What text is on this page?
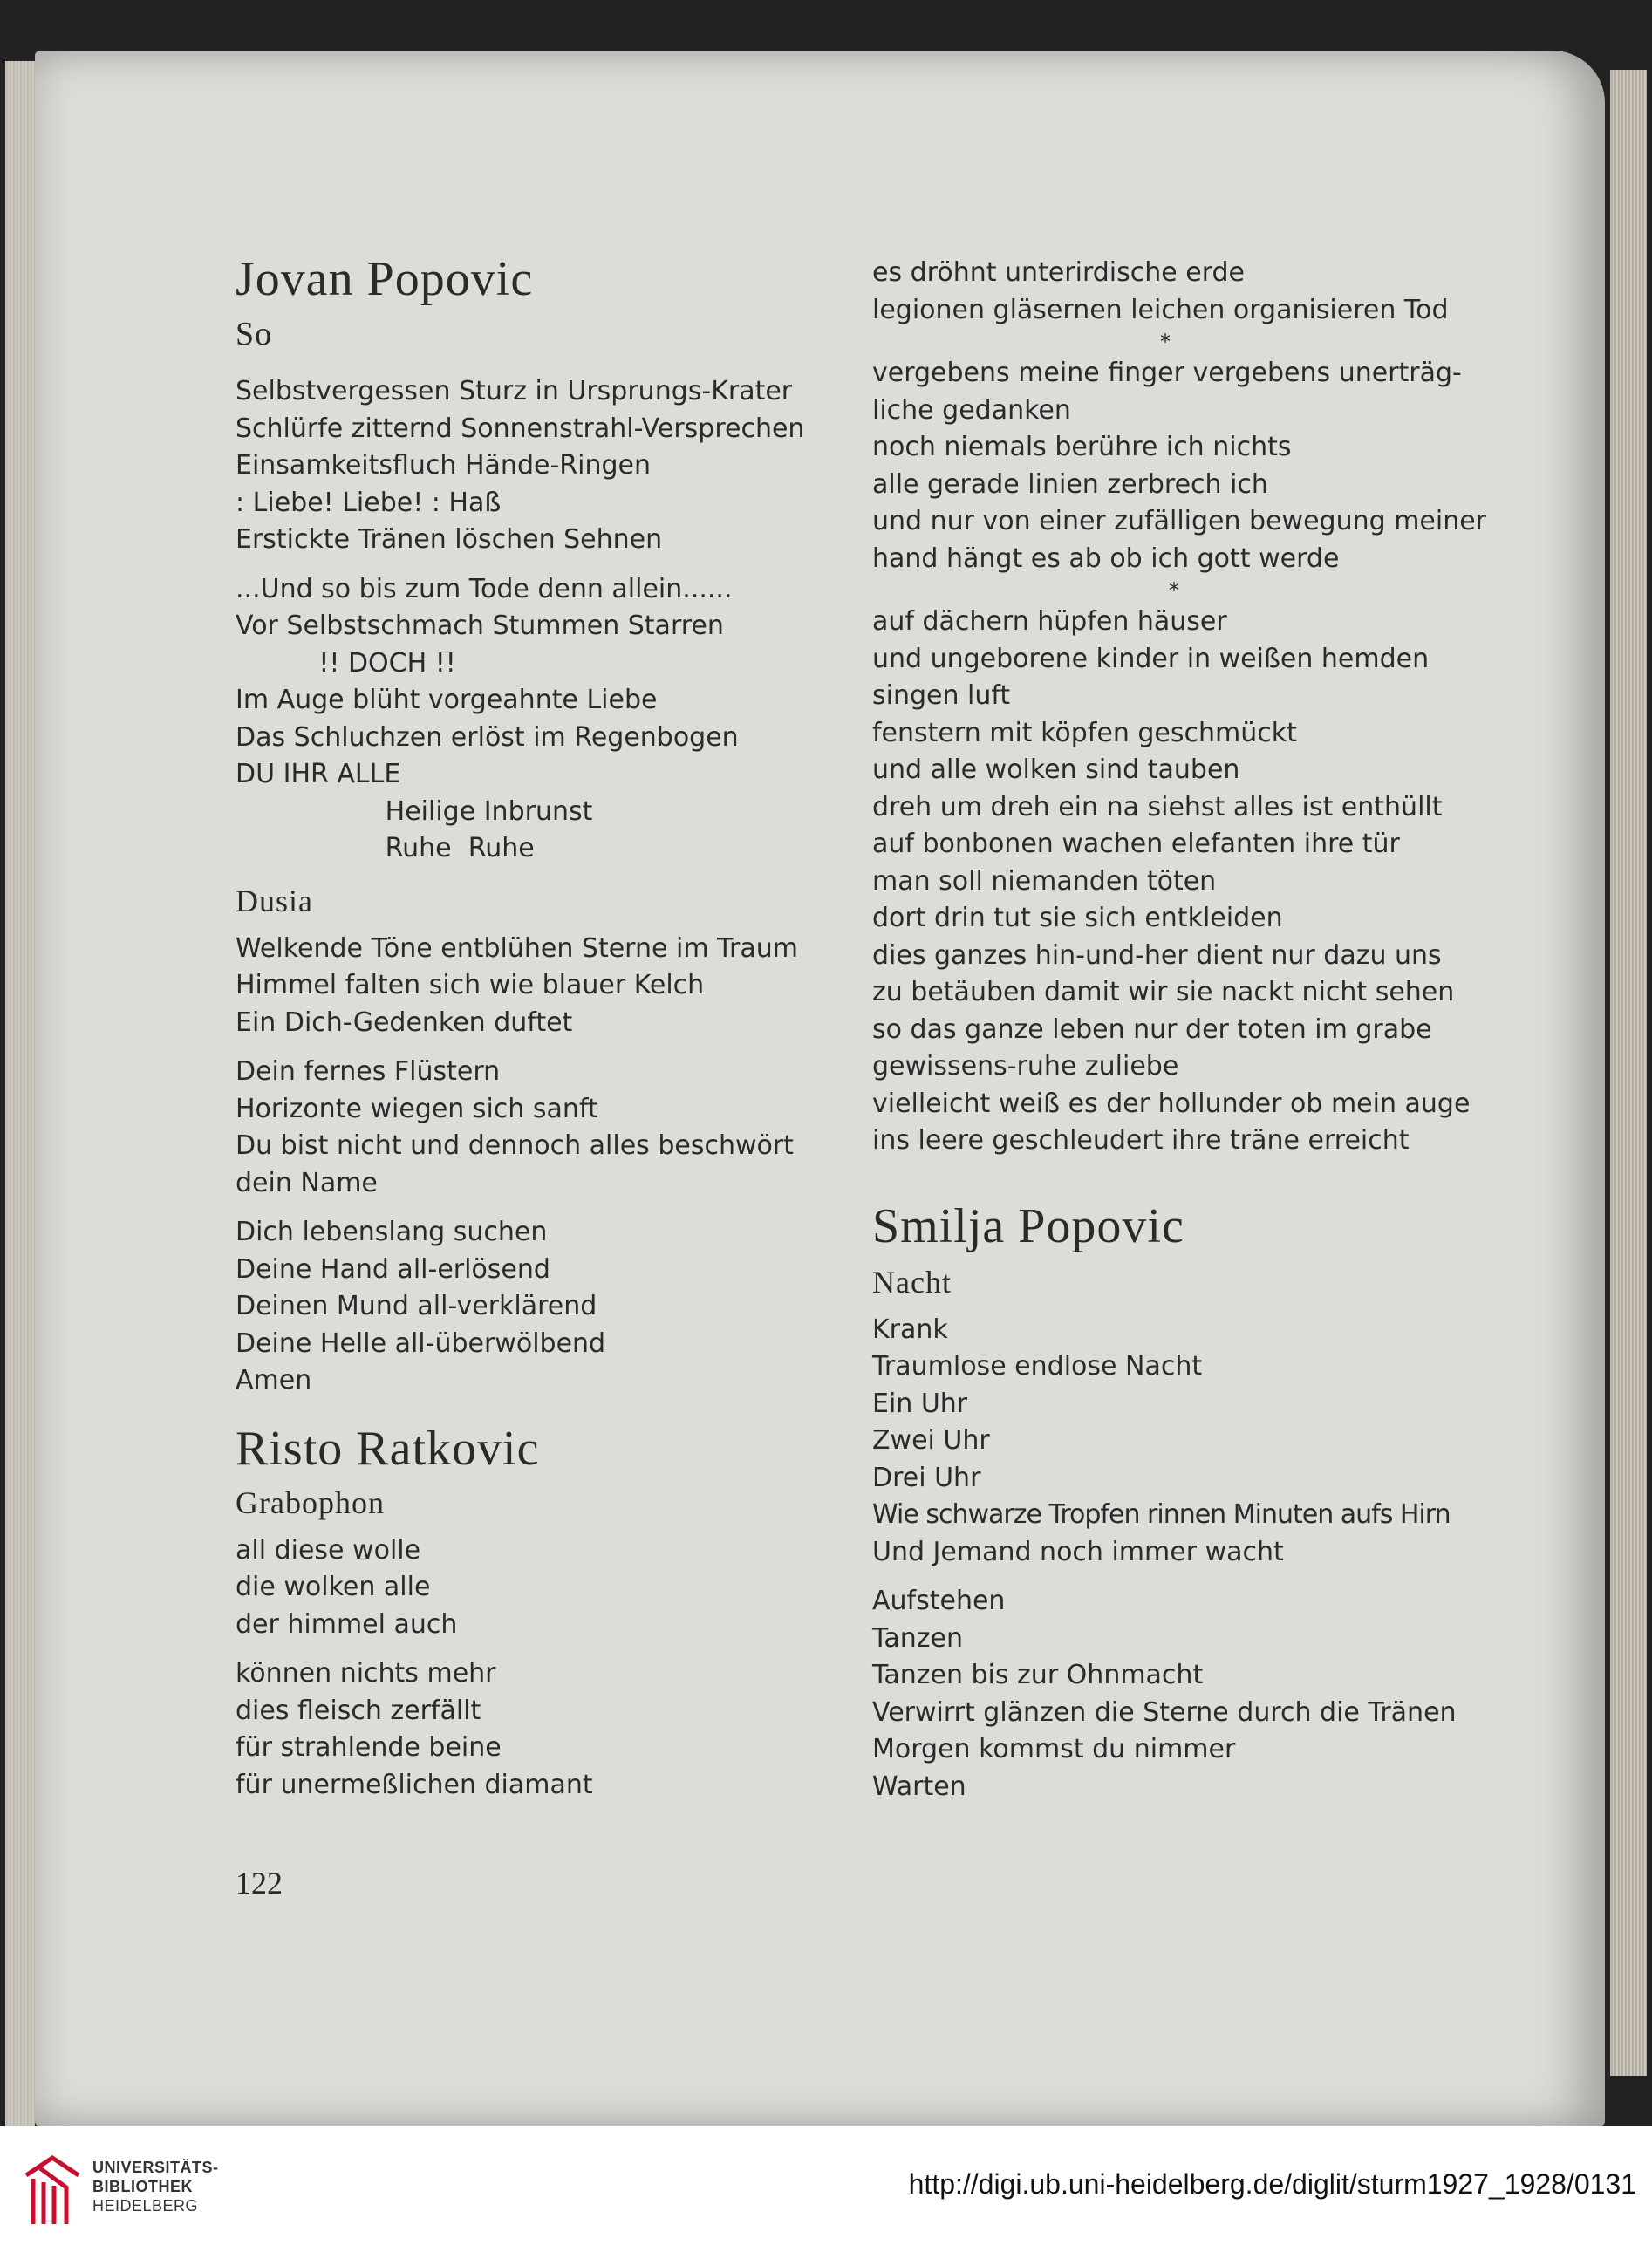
Jovan Popovic
So
Selbstvergessen Sturz in Ursprungs-Krater
Schlürfe zitternd Sonnenstrahl-Versprechen
Einsamkeitsfluch Hände-Ringen
: Liebe! Liebe! : Haß
Erstickte Tränen löschen Sehnen
...Und so bis zum Tode denn allein......
Vor Selbstschmach Stummen Starren
!! DOCH !!
Im Auge blüht vorgeahnte Liebe
Das Schluchzen erlöst im Regenbogen
DU IHR ALLE
Heilige Inbrunst
Ruhe  Ruhe
Dusia
Welkende Töne entblühen Sterne im Traum
Himmel falten sich wie blauer Kelch
Ein Dich-Gedenken duftet
Dein fernes Flüstern
Horizonte wiegen sich sanft
Du bist nicht und dennoch alles beschwört
dein Name
Dich lebenslang suchen
Deine Hand all-erlösend
Deinen Mund all-verklärend
Deine Helle all-überwölbend
Amen
Risto Ratkovic
Grabophon
all diese wolle
die wolken alle
der himmel auch
können nichts mehr
dies fleisch zerfällt
für strahlende beine
für unermeßlichen diamant
es dröhnt unterirdische erde
legionen gläsernen leichen organisieren Tod
*
vergebens meine finger vergebens unerträg-
liche gedanken
noch niemals berühre ich nichts
alle gerade linien zerbrech ich
und nur von einer zufälligen bewegung meiner
hand hängt es ab ob ich gott werde
*
auf dächern hüpfen häuser
und ungeborene kinder in weißen hemden
singen luft
fenstern mit köpfen geschmückt
und alle wolken sind tauben
dreh um dreh ein na siehst alles ist enthüllt
auf bonbonen wachen elefanten ihre tür
man soll niemanden töten
dort drin tut sie sich entkleiden
dies ganzes hin-und-her dient nur dazu uns
zu betäuben damit wir sie nackt nicht sehen
so das ganze leben nur der toten im grabe
gewissens-ruhe zuliebe
vielleicht weiß es der hollunder ob mein auge
ins leere geschleudert ihre träne erreicht
Smilja Popovic
Nacht
Krank
Traumlose endlose Nacht
Ein Uhr
Zwei Uhr
Drei Uhr
Wie schwarze Tropfen rinnen Minuten aufs Hirn
Und Jemand noch immer wacht
Aufstehen
Tanzen
Tanzen bis zur Ohnmacht
Verwirrt glänzen die Sterne durch die Tränen
Morgen kommst du nimmer
Warten
122
UNIVERSITÄTS-
BIBLIOTHEK
HEIDELBERG
http://digi.ub.uni-heidelberg.de/diglit/sturm1927_1928/0131
